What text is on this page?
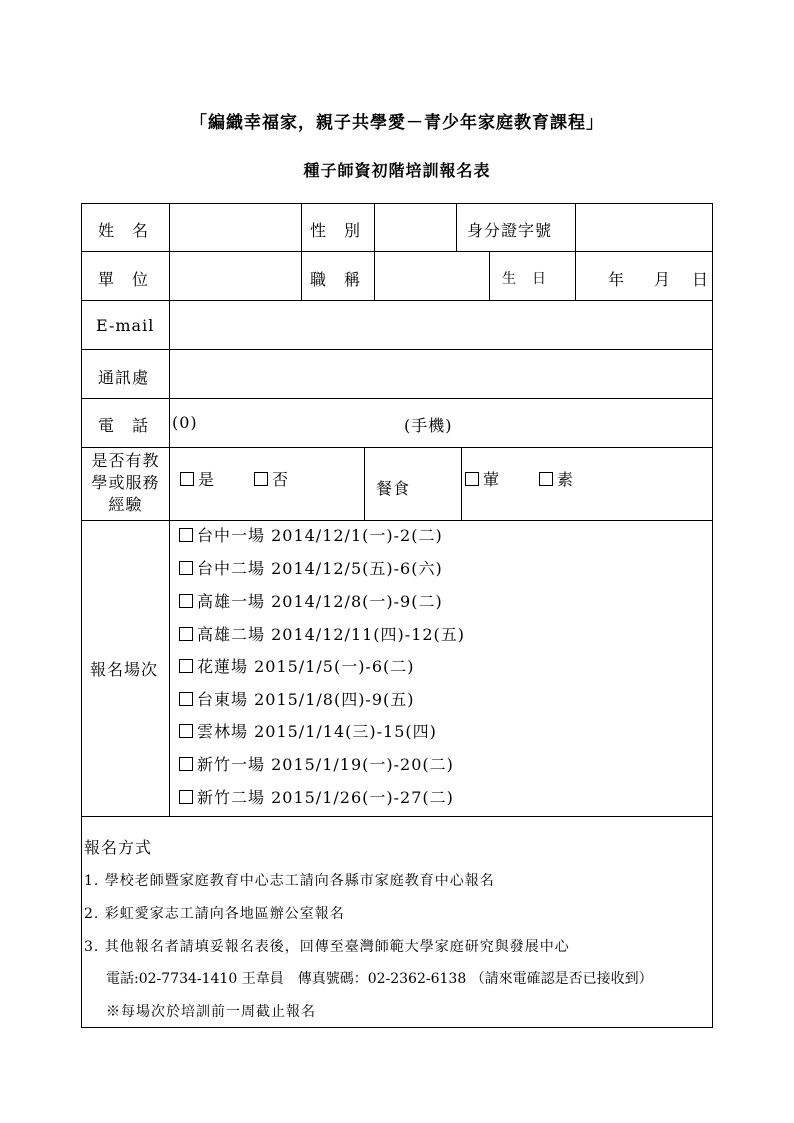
「編織幸福家，親子共學愛－青少年家庭教育課程」
種子師資初階培訓報名表
姓　名	性　別	身分證字號
單　位	職　稱	生　日	年 月 日
E-mail
通訊處
電　話 (0)	(手機)
是否有教
學或服務
經驗
是	否	餐食	葷	素
報名場次
台中一場 2014/12/1(一)-2(二)
台中二場 2014/12/5(五)-6(六)
高雄一場 2014/12/8(一)-9(二)
高雄二場 2014/12/11(四)-12(五)
花蓮場 2015/1/5(一)-6(二)
台東場 2015/1/8(四)-9(五)
雲林場 2015/1/14(三)-15(四)
新竹一場 2015/1/19(一)-20(二)
新竹二場 2015/1/26(一)-27(二)
報名方式
1. 學校老師暨家庭教育中心志工請向各縣市家庭教育中心報名
2. 彩虹愛家志工請向各地區辦公室報名
3. 其他報名者請填妥報名表後，回傳至臺灣師範大學家庭研究與發展中心
電話:02-7734-1410 王韋員　傳真號碼：02-2362-6138 （請來電確認是否已接收到）
※每場次於培訓前一周截止報名
